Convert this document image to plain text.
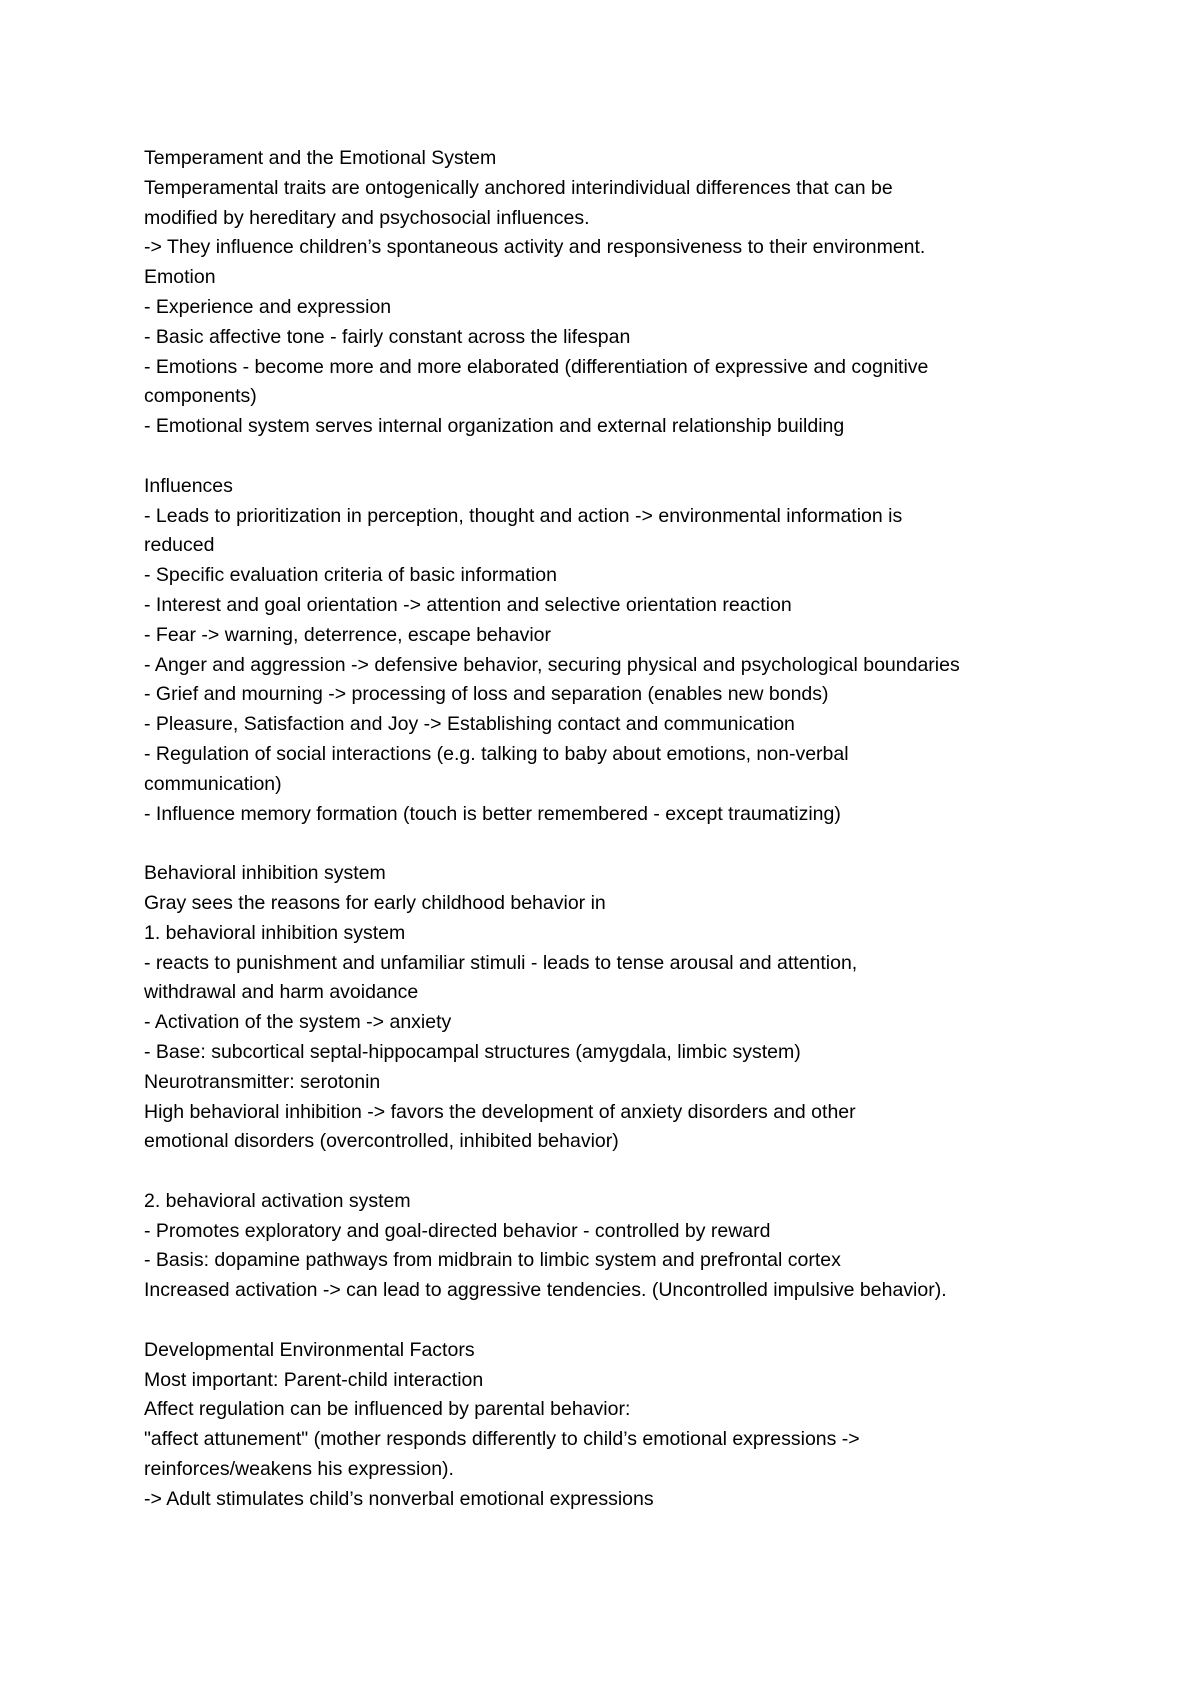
Temperament and the Emotional System
Temperamental traits are ontogenically anchored interindividual differences that can be
modified by hereditary and psychosocial influences.
-> They influence children’s spontaneous activity and responsiveness to their environment.
Emotion
- Experience and expression
- Basic affective tone - fairly constant across the lifespan
- Emotions - become more and more elaborated (differentiation of expressive and cognitive
components)
- Emotional system serves internal organization and external relationship building
Influences
- Leads to prioritization in perception, thought and action -> environmental information is
reduced
- Specific evaluation criteria of basic information
- Interest and goal orientation -> attention and selective orientation reaction
- Fear -> warning, deterrence, escape behavior
- Anger and aggression -> defensive behavior, securing physical and psychological boundaries
- Grief and mourning -> processing of loss and separation (enables new bonds)
- Pleasure, Satisfaction and Joy -> Establishing contact and communication
- Regulation of social interactions (e.g. talking to baby about emotions, non-verbal
communication)
- Influence memory formation (touch is better remembered - except traumatizing)
Behavioral inhibition system
Gray sees the reasons for early childhood behavior in
1. behavioral inhibition system
- reacts to punishment and unfamiliar stimuli - leads to tense arousal and attention,
withdrawal and harm avoidance
- Activation of the system -> anxiety
- Base: subcortical septal-hippocampal structures (amygdala, limbic system)
Neurotransmitter: serotonin
High behavioral inhibition -> favors the development of anxiety disorders and other
emotional disorders (overcontrolled, inhibited behavior)
2. behavioral activation system
- Promotes exploratory and goal-directed behavior - controlled by reward
- Basis: dopamine pathways from midbrain to limbic system and prefrontal cortex
Increased activation -> can lead to aggressive tendencies. (Uncontrolled impulsive behavior).
Developmental Environmental Factors
Most important: Parent-child interaction
Affect regulation can be influenced by parental behavior:
"affect attunement" (mother responds differently to child’s emotional expressions ->
reinforces/weakens his expression).
-> Adult stimulates child’s nonverbal emotional expressions
